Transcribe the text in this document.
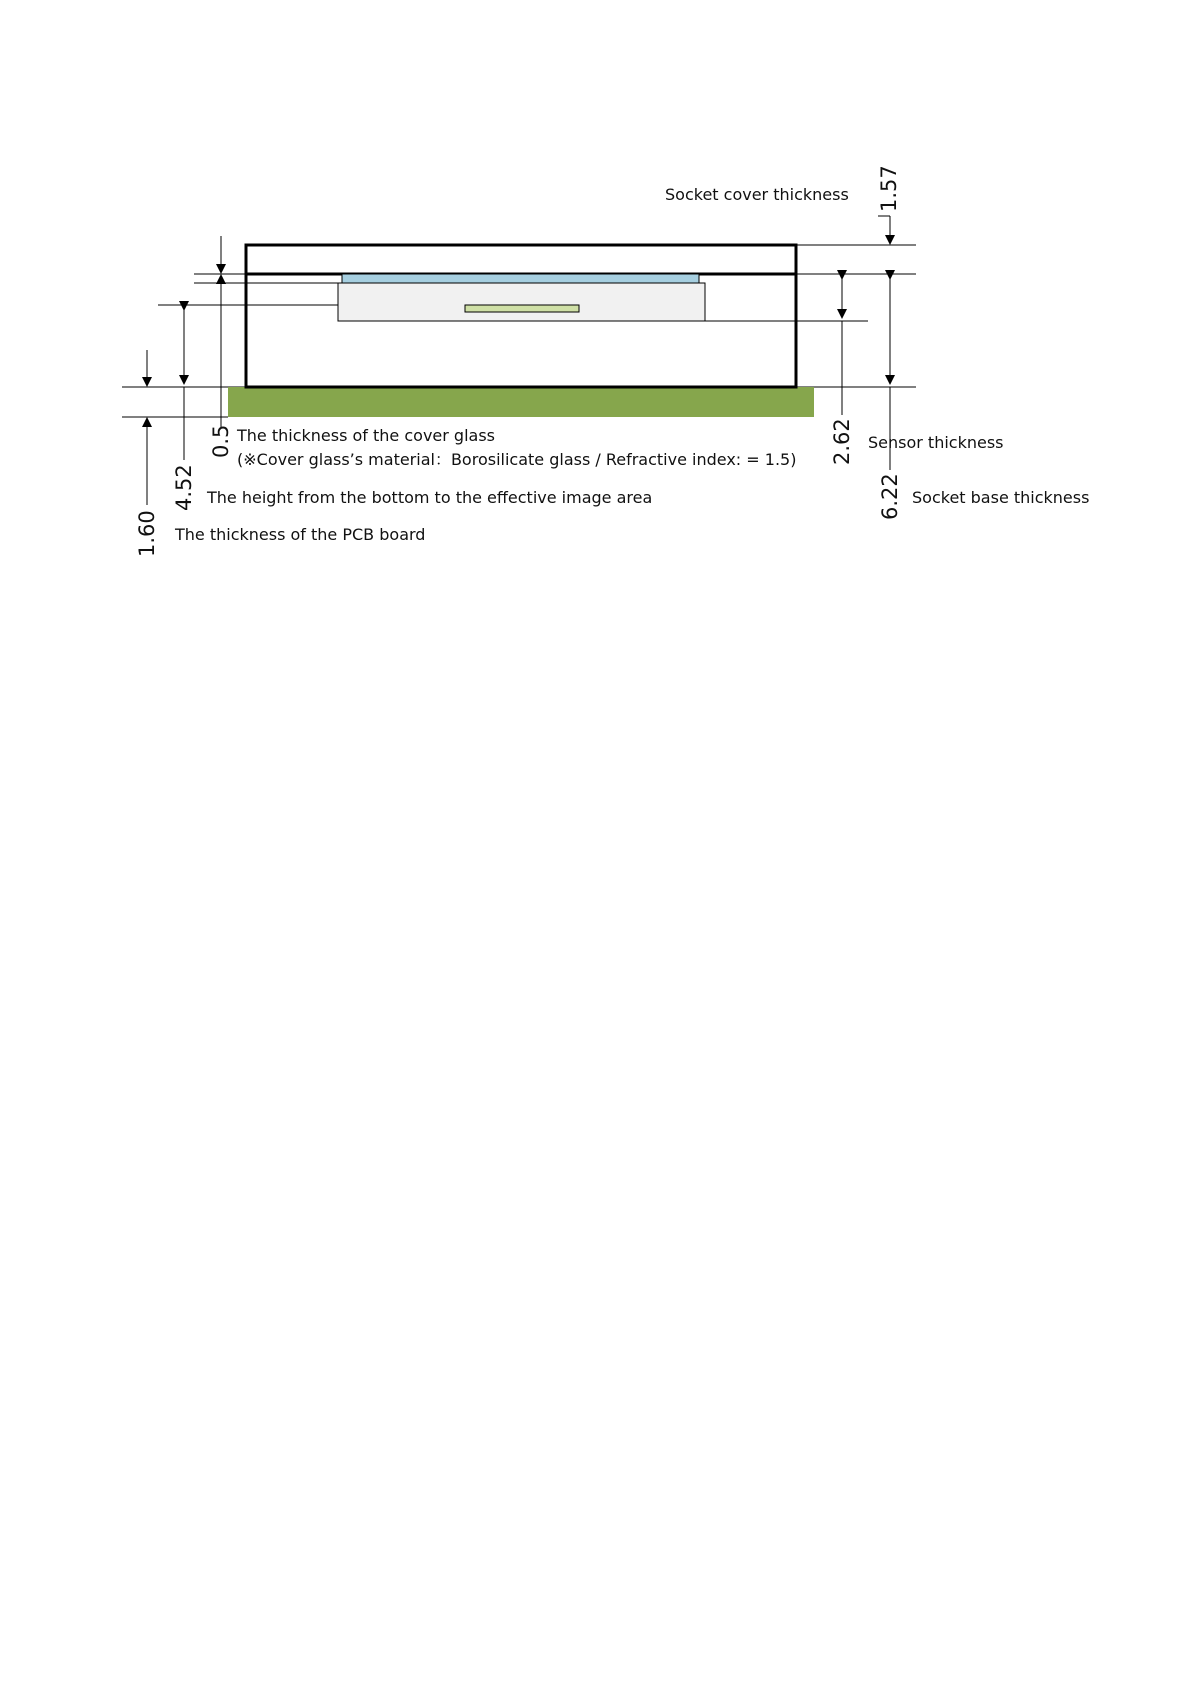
1.57
Socket cover thickness
0.5 The thickness of the cover glass
(※Cover glass’s material：Borosilicate glass / Refractive index: = 1.5)
4.52 The height from the bottom to the effective image area
1.60 The thickness of the PCB board
2.62 Sensor thickness
6.22 Socket base thickness
